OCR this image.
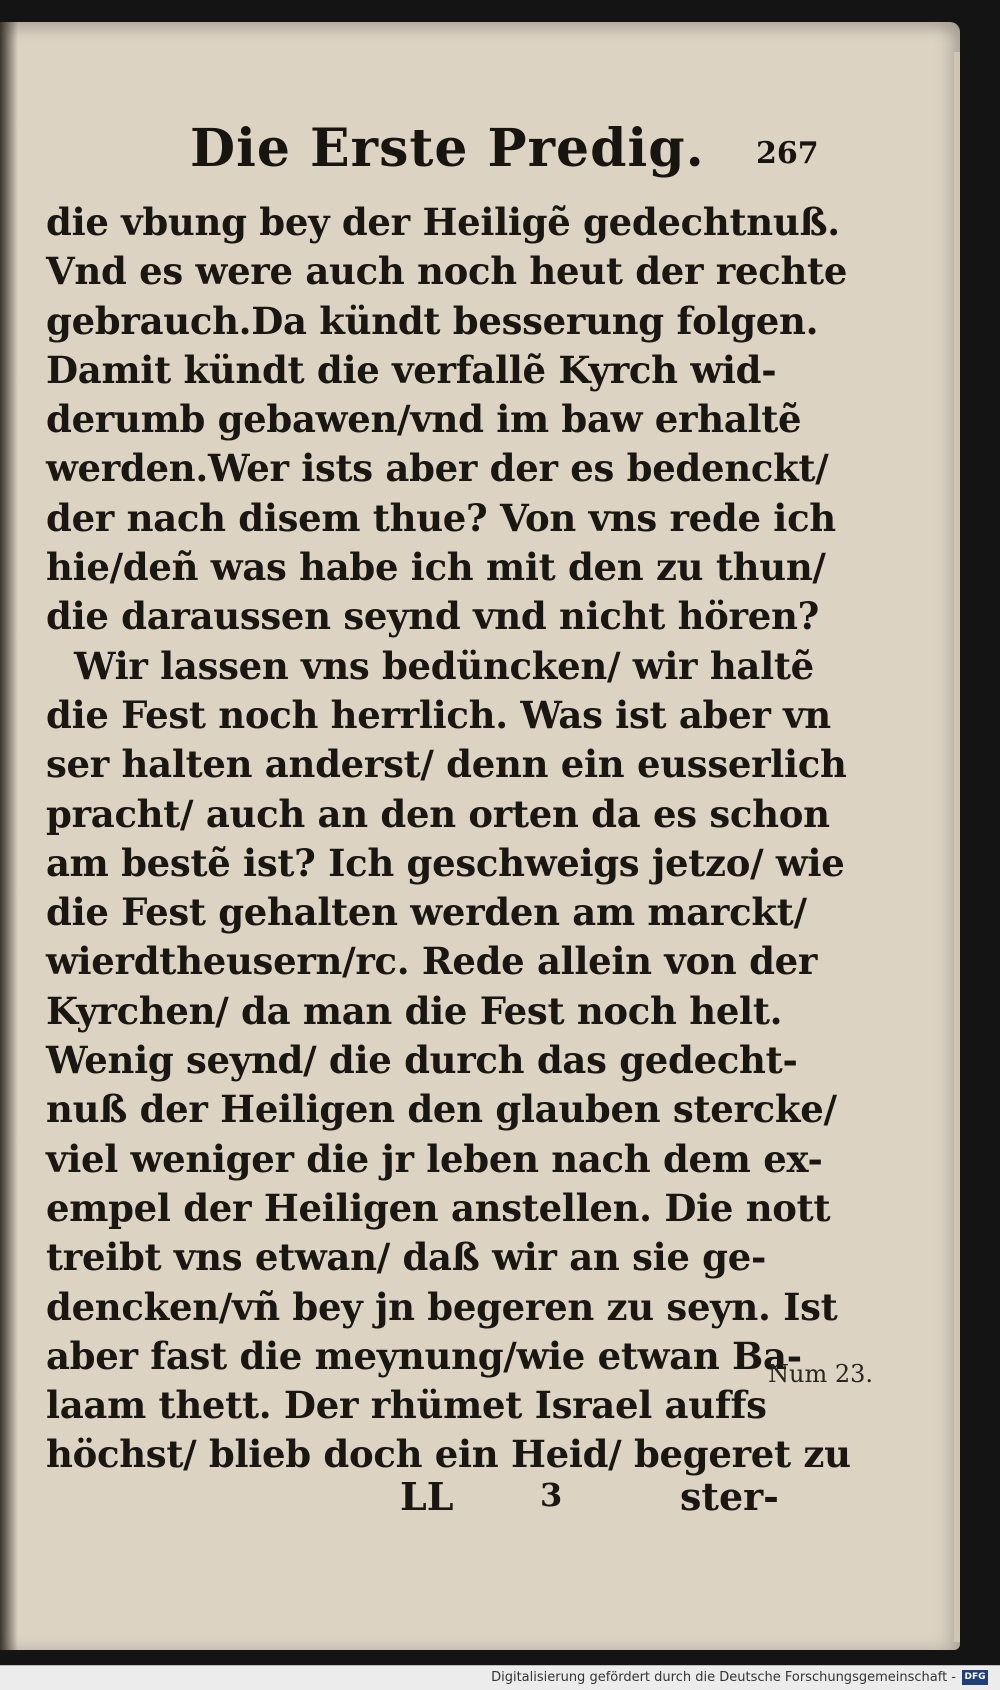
Die Erste Predig. 267
die vbung bey der Heiligẽ gedechtnuß.
Vnd es were auch noch heut der rechte
gebrauch.Da kündt besserung folgen.
Damit kündt die verfallẽ Kyrch wid-
derumb gebawen/vnd im baw erhaltẽ
werden.Wer ists aber der es bedenckt/
der nach disem thue? Von vns rede ich
hie/deñ was habe ich mit den zu thun/
die daraussen seynd vnd nicht hören?
Wir lassen vns bedüncken/ wir haltẽ
die Fest noch herrlich. Was ist aber vn
ser halten anderst/ denn ein eusserlich
pracht/ auch an den orten da es schon
am bestẽ ist? Ich geschweigs jetzo/ wie
die Fest gehalten werden am marckt/
wierdtheusern/rc. Rede allein von der
Kyrchen/ da man die Fest noch helt.
Wenig seynd/ die durch das gedecht-
nuß der Heiligen den glauben stercke/
viel weniger die jr leben nach dem ex-
empel der Heiligen anstellen. Die nott
treibt vns etwan/ daß wir an sie ge-
dencken/vñ bey jn begeren zu seyn. Ist
aber fast die meynung/wie etwan Ba-
laam thett. Der rhümet Israel auffs
höchst/ blieb doch ein Heid/ begeret zu
Num 23.
LL	3	ster-
Digitalisierung gefördert durch die Deutsche Forschungsgemeinschaft - DFG
